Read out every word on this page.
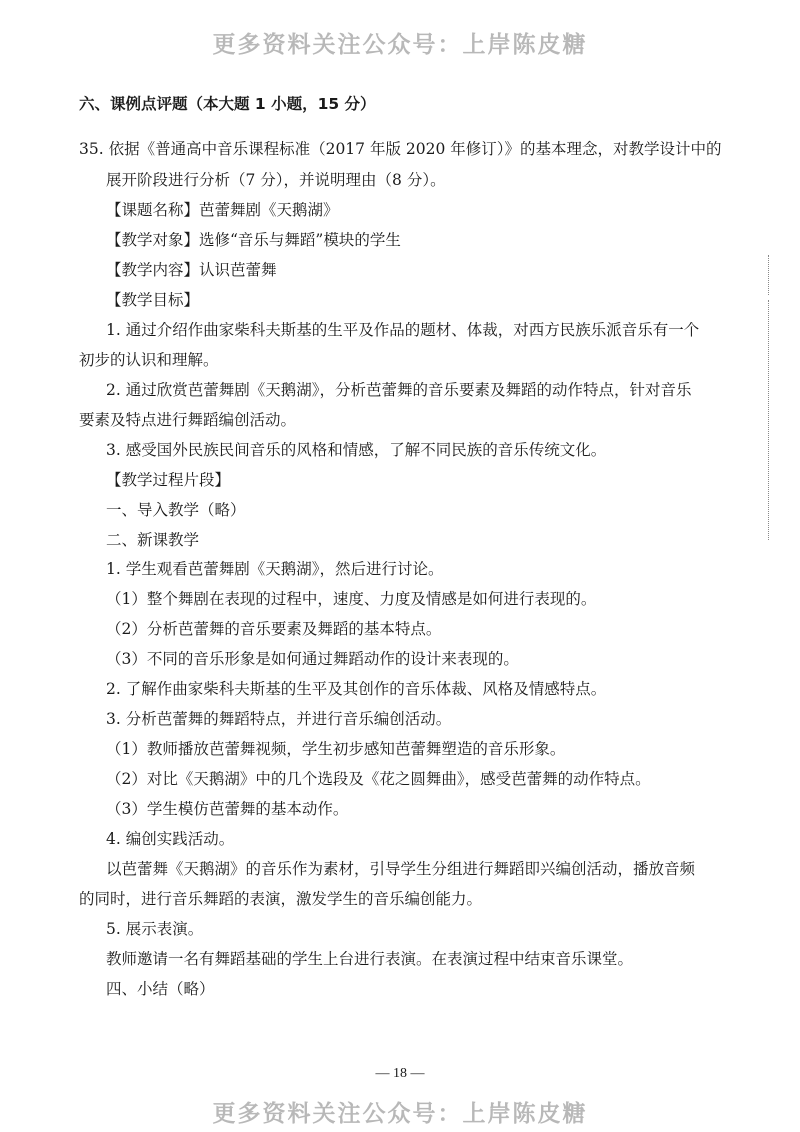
更多资料关注公众号：上岸陈皮糖
六、课例点评题（本大题 1 小题，15 分）
35. 依据《普通高中音乐课程标准（2017 年版 2020 年修订）》的基本理念，对教学设计中的
展开阶段进行分析（7 分），并说明理由（8 分）。
【课题名称】芭蕾舞剧《天鹅湖》
【教学对象】选修“音乐与舞蹈”模块的学生
【教学内容】认识芭蕾舞
【教学目标】
1. 通过介绍作曲家柴科夫斯基的生平及作品的题材、体裁，对西方民族乐派音乐有一个
初步的认识和理解。
2. 通过欣赏芭蕾舞剧《天鹅湖》，分析芭蕾舞的音乐要素及舞蹈的动作特点，针对音乐
要素及特点进行舞蹈编创活动。
3. 感受国外民族民间音乐的风格和情感，了解不同民族的音乐传统文化。
【教学过程片段】
一、导入教学（略）
二、新课教学
1. 学生观看芭蕾舞剧《天鹅湖》，然后进行讨论。
（1）整个舞剧在表现的过程中，速度、力度及情感是如何进行表现的。
（2）分析芭蕾舞的音乐要素及舞蹈的基本特点。
（3）不同的音乐形象是如何通过舞蹈动作的设计来表现的。
2. 了解作曲家柴科夫斯基的生平及其创作的音乐体裁、风格及情感特点。
3. 分析芭蕾舞的舞蹈特点，并进行音乐编创活动。
（1）教师播放芭蕾舞视频，学生初步感知芭蕾舞塑造的音乐形象。
（2）对比《天鹅湖》中的几个选段及《花之圆舞曲》，感受芭蕾舞的动作特点。
（3）学生模仿芭蕾舞的基本动作。
4. 编创实践活动。
以芭蕾舞《天鹅湖》的音乐作为素材，引导学生分组进行舞蹈即兴编创活动，播放音频
的同时，进行音乐舞蹈的表演，激发学生的音乐编创能力。
5. 展示表演。
教师邀请一名有舞蹈基础的学生上台进行表演。在表演过程中结束音乐课堂。
四、小结（略）
— 18 —
更多资料关注公众号：上岸陈皮糖
